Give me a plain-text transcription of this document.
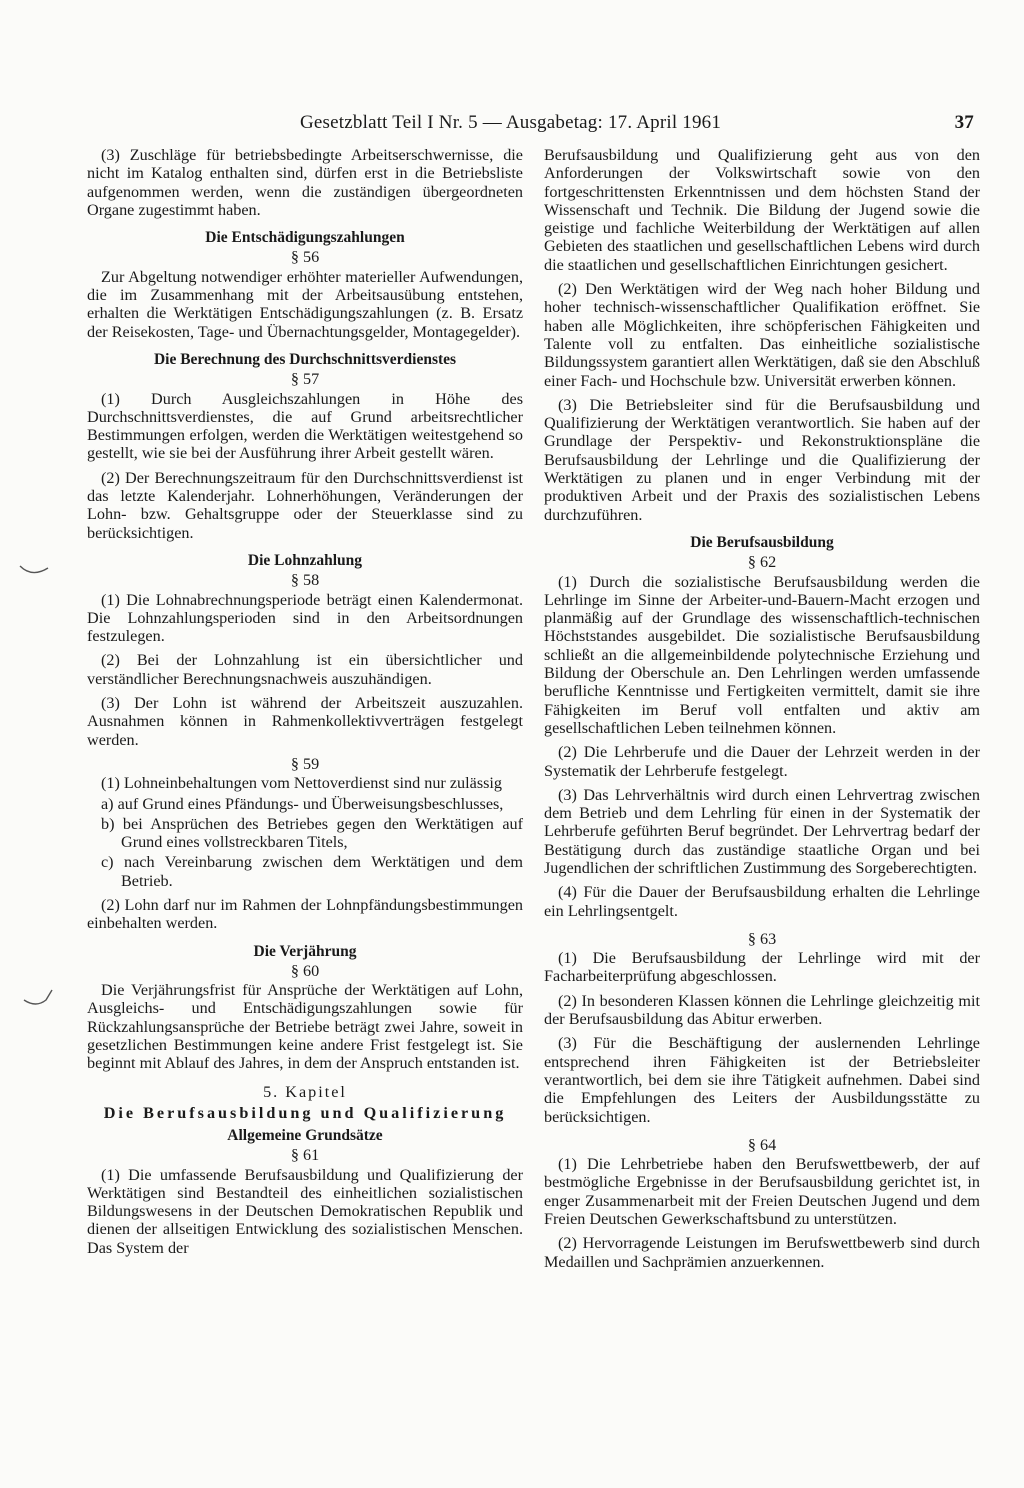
Gesetzblatt Teil I Nr. 5 — Ausgabetag: 17. April 1961	37

(3) Zuschläge für betriebsbedingte Arbeitserschwernisse, die nicht im Katalog enthalten sind, dürfen erst in die Betriebsliste aufgenommen werden, wenn die zuständigen übergeordneten Organe zugestimmt haben.

Die Entschädigungszahlungen
§ 56

Zur Abgeltung notwendiger erhöhter materieller Aufwendungen, die im Zusammenhang mit der Arbeitsausübung entstehen, erhalten die Werktätigen Entschädigungszahlungen (z. B. Ersatz der Reisekosten, Tage- und Übernachtungsgelder, Montagegelder).

Die Berechnung des Durchschnittsverdienstes
§ 57

(1) Durch Ausgleichszahlungen in Höhe des Durchschnittsverdienstes, die auf Grund arbeitsrechtlicher Bestimmungen erfolgen, werden die Werktätigen weitestgehend so gestellt, wie sie bei der Ausführung ihrer Arbeit gestellt wären.

(2) Der Berechnungszeitraum für den Durchschnittsverdienst ist das letzte Kalenderjahr. Lohnerhöhungen, Veränderungen der Lohn- bzw. Gehaltsgruppe oder der Steuerklasse sind zu berücksichtigen.

Die Lohnzahlung
§ 58

(1) Die Lohnabrechnungsperiode beträgt einen Kalendermonat. Die Lohnzahlungsperioden sind in den Arbeitsordnungen festzulegen.

(2) Bei der Lohnzahlung ist ein übersichtlicher und verständlicher Berechnungsnachweis auszuhändigen.

(3) Der Lohn ist während der Arbeitszeit auszuzahlen. Ausnahmen können in Rahmenkollektivverträgen festgelegt werden.

§ 59

(1) Lohneinbehaltungen vom Nettoverdienst sind nur zulässig

a) auf Grund eines Pfändungs- und Überweisungsbeschlusses,

b) bei Ansprüchen des Betriebes gegen den Werktätigen auf Grund eines vollstreckbaren Titels,

c) nach Vereinbarung zwischen dem Werktätigen und dem Betrieb.

(2) Lohn darf nur im Rahmen der Lohnpfändungsbestimmungen einbehalten werden.

Die Verjährung
§ 60

Die Verjährungsfrist für Ansprüche der Werktätigen auf Lohn, Ausgleichs- und Entschädigungszahlungen sowie für Rückzahlungsansprüche der Betriebe beträgt zwei Jahre, soweit in gesetzlichen Bestimmungen keine andere Frist festgelegt ist. Sie beginnt mit Ablauf des Jahres, in dem der Anspruch entstanden ist.

5. Kapitel
Die Berufsausbildung und Qualifizierung
Allgemeine Grundsätze
§ 61

(1) Die umfassende Berufsausbildung und Qualifizierung der Werktätigen sind Bestandteil des einheitlichen sozialistischen Bildungswesens in der Deutschen Demokratischen Republik und dienen der allseitigen Entwicklung des sozialistischen Menschen. Das System der

Berufsausbildung und Qualifizierung geht aus von den Anforderungen der Volkswirtschaft sowie von den fortgeschrittensten Erkenntnissen und dem höchsten Stand der Wissenschaft und Technik. Die Bildung der Jugend sowie die geistige und fachliche Weiterbildung der Werktätigen auf allen Gebieten des staatlichen und gesellschaftlichen Lebens wird durch die staatlichen und gesellschaftlichen Einrichtungen gesichert.

(2) Den Werktätigen wird der Weg nach hoher Bildung und hoher technisch-wissenschaftlicher Qualifikation eröffnet. Sie haben alle Möglichkeiten, ihre schöpferischen Fähigkeiten und Talente voll zu entfalten. Das einheitliche sozialistische Bildungssystem garantiert allen Werktätigen, daß sie den Abschluß einer Fach- und Hochschule bzw. Universität erwerben können.

(3) Die Betriebsleiter sind für die Berufsausbildung und Qualifizierung der Werktätigen verantwortlich. Sie haben auf der Grundlage der Perspektiv- und Rekonstruktionspläne die Berufsausbildung der Lehrlinge und die Qualifizierung der Werktätigen zu planen und in enger Verbindung mit der produktiven Arbeit und der Praxis des sozialistischen Lebens durchzuführen.

Die Berufsausbildung
§ 62

(1) Durch die sozialistische Berufsausbildung werden die Lehrlinge im Sinne der Arbeiter-und-Bauern-Macht erzogen und planmäßig auf der Grundlage des wissenschaftlich-technischen Höchststandes ausgebildet. Die sozialistische Berufsausbildung schließt an die allgemeinbildende polytechnische Erziehung und Bildung der Oberschule an. Den Lehrlingen werden umfassende berufliche Kenntnisse und Fertigkeiten vermittelt, damit sie ihre Fähigkeiten im Beruf voll entfalten und aktiv am gesellschaftlichen Leben teilnehmen können.

(2) Die Lehrberufe und die Dauer der Lehrzeit werden in der Systematik der Lehrberufe festgelegt.

(3) Das Lehrverhältnis wird durch einen Lehrvertrag zwischen dem Betrieb und dem Lehrling für einen in der Systematik der Lehrberufe geführten Beruf begründet. Der Lehrvertrag bedarf der Bestätigung durch das zuständige staatliche Organ und bei Jugendlichen der schriftlichen Zustimmung des Sorgeberechtigten.

(4) Für die Dauer der Berufsausbildung erhalten die Lehrlinge ein Lehrlingsentgelt.

§ 63

(1) Die Berufsausbildung der Lehrlinge wird mit der Facharbeiterprüfung abgeschlossen.

(2) In besonderen Klassen können die Lehrlinge gleichzeitig mit der Berufsausbildung das Abitur erwerben.

(3) Für die Beschäftigung der auslernenden Lehrlinge entsprechend ihren Fähigkeiten ist der Betriebsleiter verantwortlich, bei dem sie ihre Tätigkeit aufnehmen. Dabei sind die Empfehlungen des Leiters der Ausbildungsstätte zu berücksichtigen.

§ 64

(1) Die Lehrbetriebe haben den Berufswettbewerb, der auf bestmögliche Ergebnisse in der Berufsausbildung gerichtet ist, in enger Zusammenarbeit mit der Freien Deutschen Jugend und dem Freien Deutschen Gewerkschaftsbund zu unterstützen.

(2) Hervorragende Leistungen im Berufswettbewerb sind durch Medaillen und Sachprämien anzuerkennen.
